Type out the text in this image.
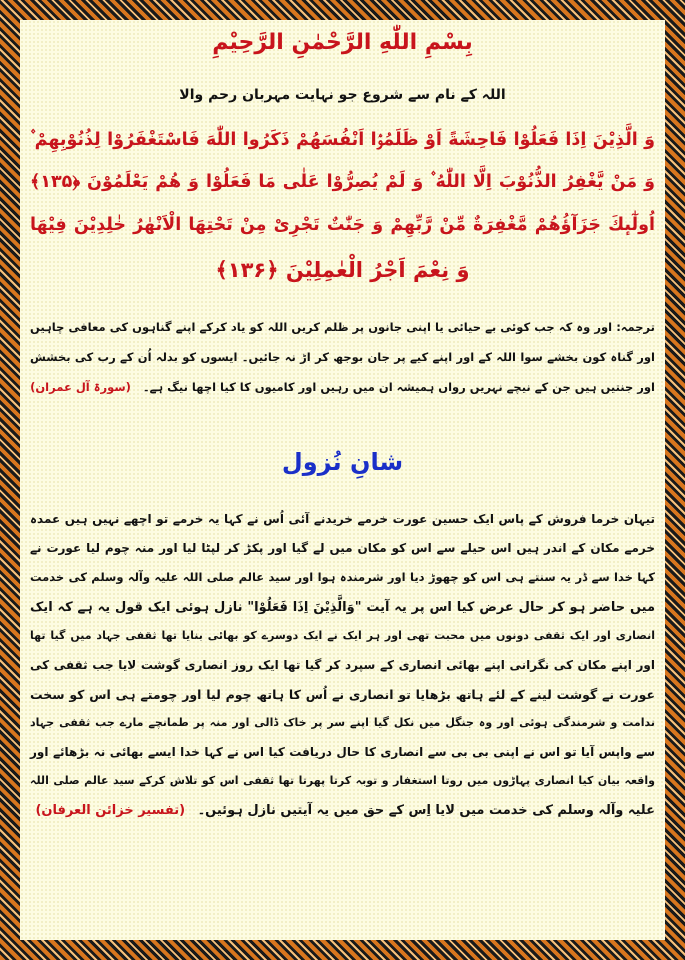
بِسْمِ اللّٰهِ الرَّحْمٰنِ الرَّحِیْمِ
اللہ کے نام سے شروع جو نہایت مہربان رحم والا
وَ الَّذِیْنَ اِذَا فَعَلُوْا فَاحِشَةً اَوْ ظَلَمُوْۤا اَنْفُسَهُمْ ذَكَرُوا اللّٰهَ فَاسْتَغْفَرُوْا لِذُنُوْبِهِمْ ۫
وَ مَنْ یَّغْفِرُ الذُّنُوْبَ اِلَّا اللّٰهُ ۫ وَ لَمْ یُصِرُّوْا عَلٰى مَا فَعَلُوْا وَ هُمْ یَعْلَمُوْنَ ﴿۱۳۵﴾
اُولٰٓىٕكَ جَزَآؤُهُمْ مَّغْفِرَةٌ مِّنْ رَّبِّهِمْ وَ جَنّٰتٌ تَجْرِیْ مِنْ تَحْتِهَا الْاَنْهٰرُ خٰلِدِیْنَ فِیْهَا
وَ نِعْمَ اَجْرُ الْعٰمِلِیْنَ ﴿۱۳۶﴾
ترجمہ: اور وہ کہ جب کوئی بے حیائی یا اپنی جانوں پر ظلم کریں اللہ کو یاد کرکے اپنے گناہوں کی معافی چاہیں
اور گناہ کون بخشے سوا اللہ کے اور اپنے کیے پر جان بوجھ کر اڑ نہ جائیں۔ ایسوں کو بدلہ اُن کے رب کی بخشش
اور جنتیں ہیں جن کے نیچے نہریں رواں ہمیشہ ان میں رہیں اور کامیوں کا کیا اچھا نیگ ہے۔ (سورۃ آل عمران)
شانِ نُزول
تیہان خرما فروش کے پاس ایک حسین عورت خرمے خریدنے آئی اُس نے کہا یہ خرمے تو اچھے نہیں ہیں عمدہ
خرمے مکان کے اندر ہیں اس حیلے سے اس کو مکان میں لے گیا اور پکڑ کر لپٹا لیا اور منہ چوم لیا عورت نے
کہا خدا سے ڈر یہ سنتے ہی اس کو چھوڑ دیا اور شرمندہ ہوا اور سید عالم صلی اللہ علیہ وآلہ وسلم کی خدمت
میں حاضر ہو کر حال عرض کیا اس پر یہ آیت "وَالَّذِیْنَ اِذَا فَعَلُوْا" نازل ہوئی ایک قول یہ ہے کہ ایک
انصاری اور ایک ثقفی دونوں میں محبت تھی اور ہر ایک نے ایک دوسرے کو بھائی بنایا تھا ثقفی جہاد میں گیا تھا
اور اپنے مکان کی نگرانی اپنے بھائی انصاری کے سپرد کر گیا تھا ایک روز انصاری گوشت لایا جب ثقفی کی
عورت نے گوشت لینے کے لئے ہاتھ بڑھایا تو انصاری نے اُس کا ہاتھ چوم لیا اور چومتے ہی اس کو سخت
ندامت و شرمندگی ہوئی اور وہ جنگل میں نکل گیا اپنے سر پر خاک ڈالی اور منہ پر طمانچے مارے جب ثقفی جہاد
سے واپس آیا تو اس نے اپنی بی بی سے انصاری کا حال دریافت کیا اس نے کہا خدا ایسے بھائی نہ بڑھائے اور
واقعہ بیان کیا انصاری پہاڑوں میں روتا استغفار و توبہ کرتا پھرتا تھا ثقفی اس کو تلاش کرکے سید عالم صلی اللہ
علیہ وآلہ وسلم کی خدمت میں لایا اِس کے حق میں یہ آیتیں نازل ہوئیں۔ (تفسیر خزائن العرفان)
